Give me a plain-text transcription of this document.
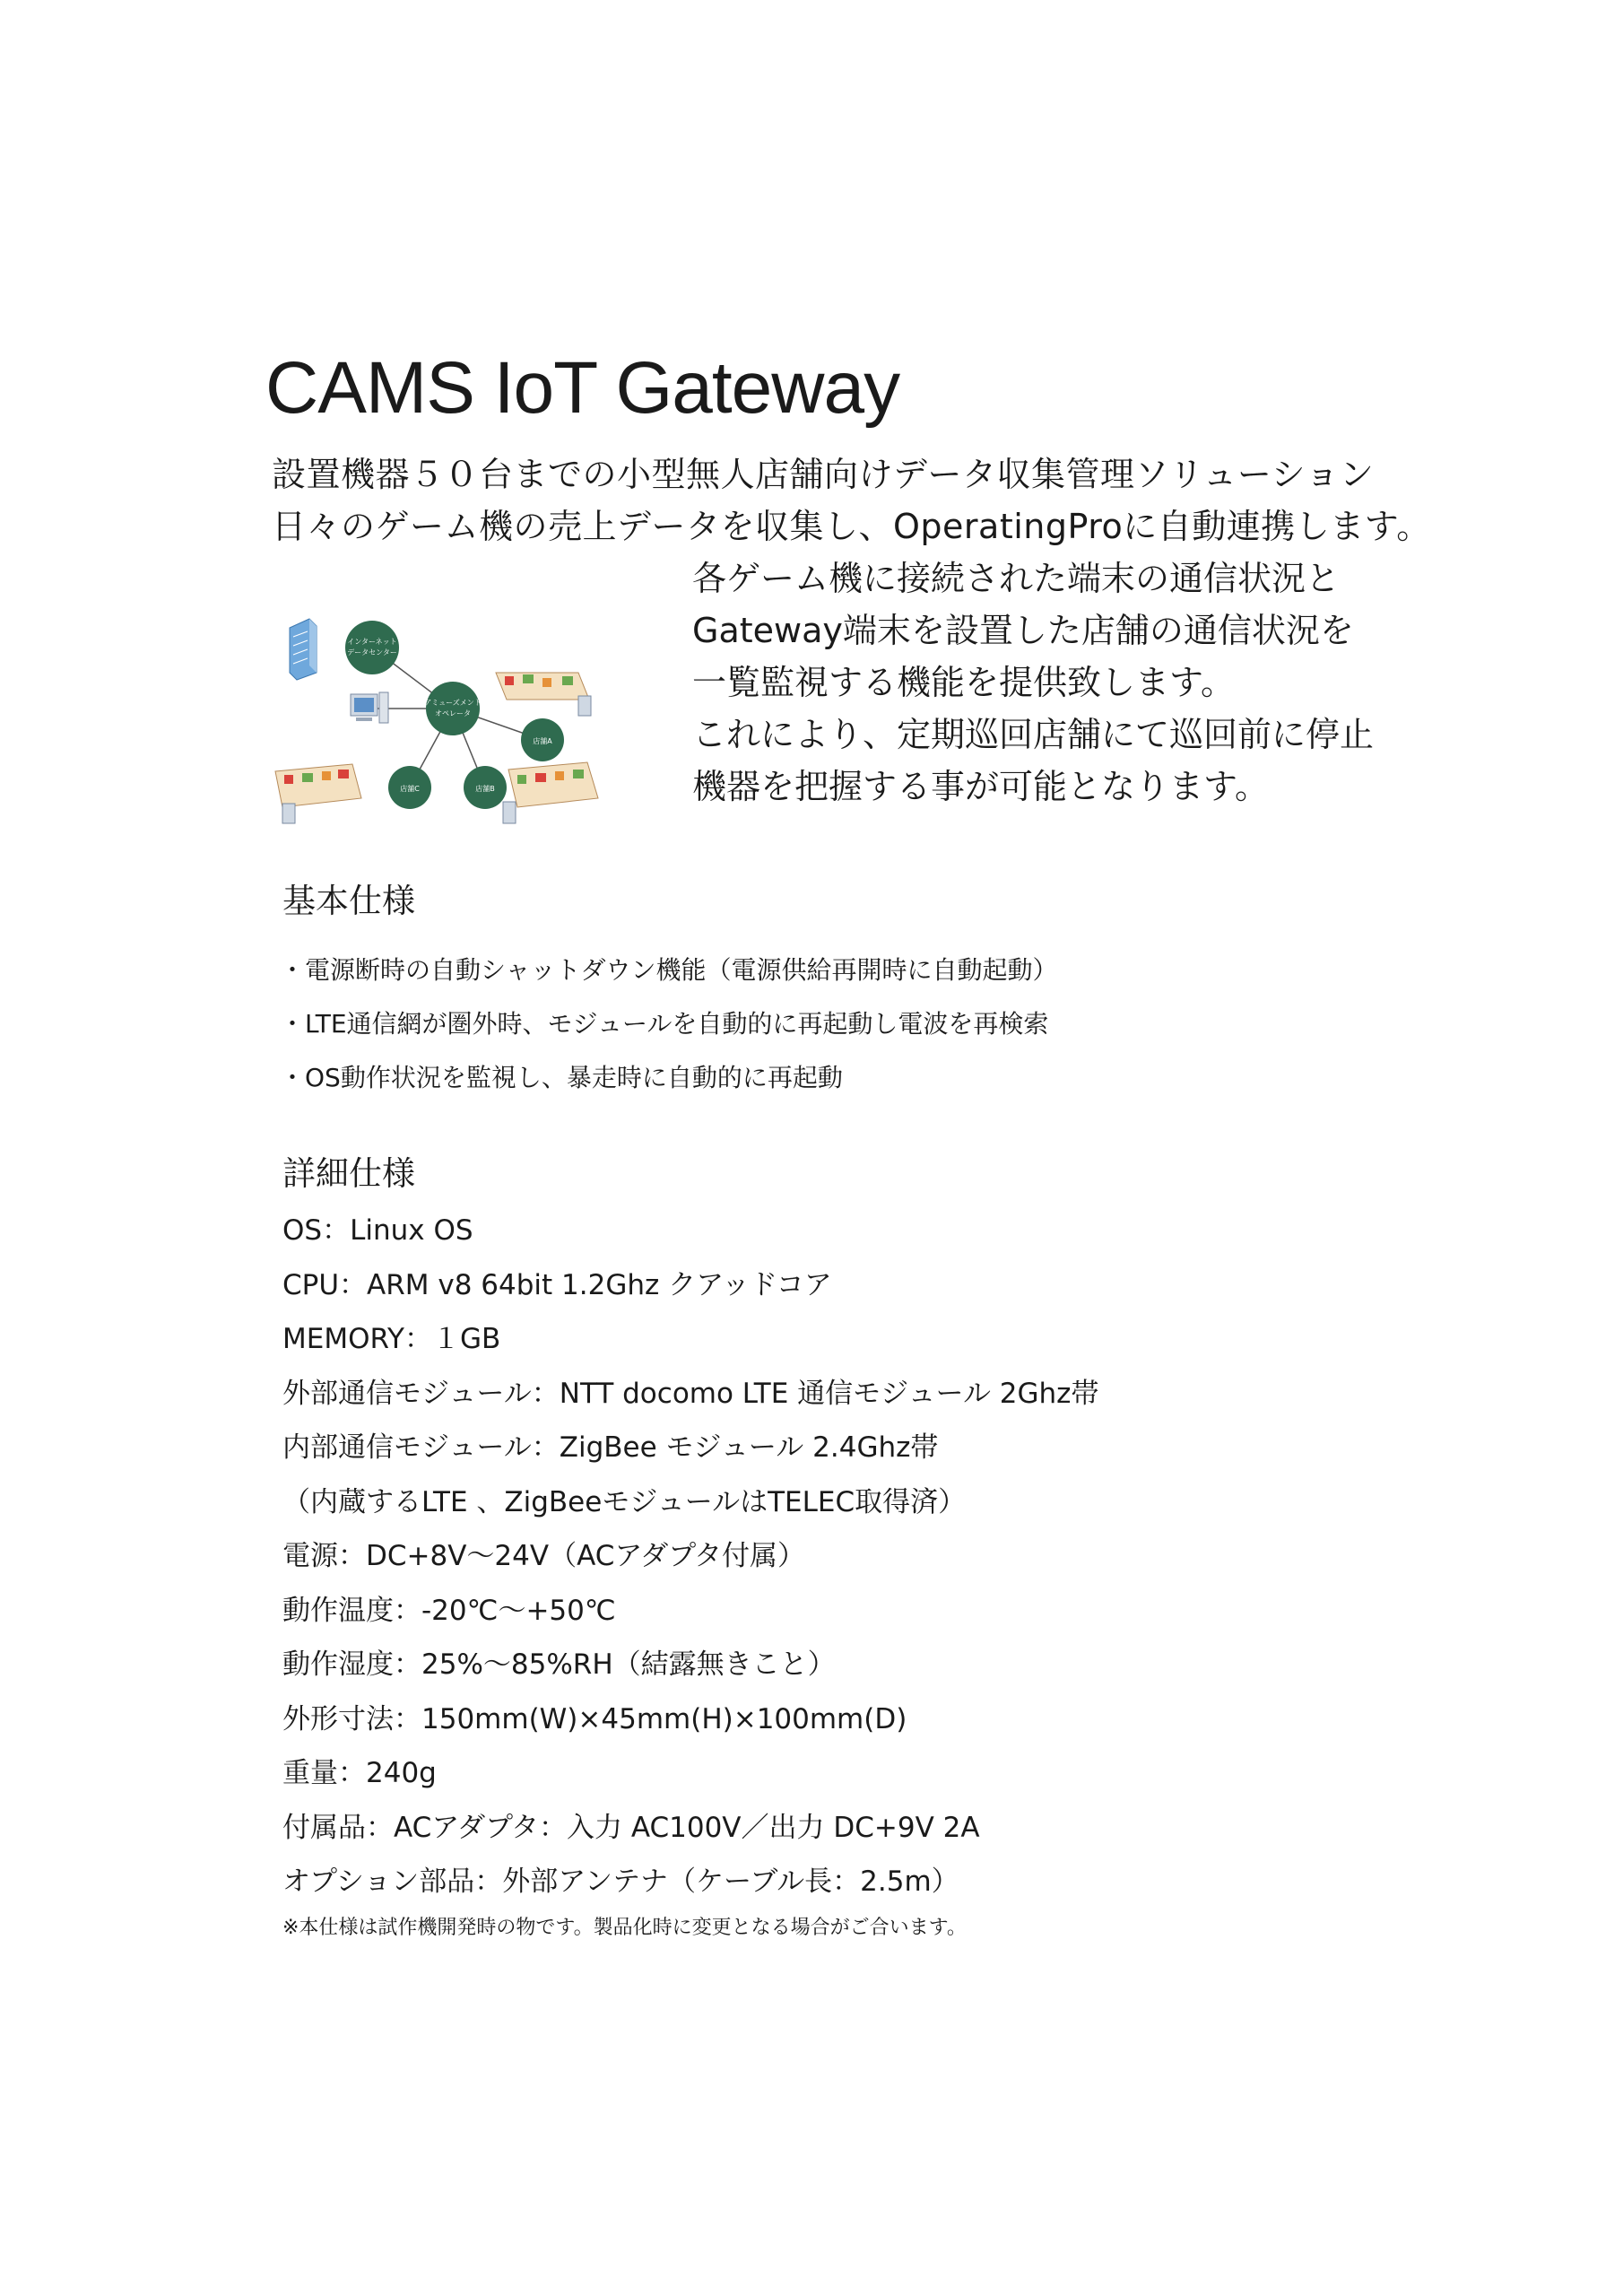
CAMS IoT Gateway
設置機器５０台までの小型無人店舗向けデータ収集管理ソリューション
日々のゲーム機の売上データを収集し、OperatingProに自動連携します。
インターネット
データセンター
アミューズメント
オペレータ
店舗A
店舗C	店舗B
各ゲーム機に接続された端末の通信状況と
Gateway端末を設置した店舗の通信状況を
一覧監視する機能を提供致します。
これにより、定期巡回店舗にて巡回前に停止
機器を把握する事が可能となります。
基本仕様
・電源断時の自動シャットダウン機能（電源供給再開時に自動起動）
・LTE通信網が圏外時、モジュールを自動的に再起動し電波を再検索
・OS動作状況を監視し、暴走時に自動的に再起動
詳細仕様
OS：Linux OS
CPU：ARM v8 64bit 1.2Ghz クアッドコア
MEMORY：１GB
外部通信モジュール：NTT docomo LTE 通信モジュール 2Ghz帯
内部通信モジュール：ZigBee モジュール 2.4Ghz帯
（内蔵するLTE 、ZigBeeモジュールはTELEC取得済）
電源：DC+8V〜24V（ACアダプタ付属）
動作温度：-20℃〜+50℃
動作湿度：25%〜85%RH（結露無きこと）
外形寸法：150mm(W)×45mm(H)×100mm(D)
重量：240g
付属品：ACアダプタ：入力 AC100V／出力 DC+9V 2A
オプション部品：外部アンテナ（ケーブル長：2.5m）

※本仕様は試作機開発時の物です。製品化時に変更となる場合がご合います。
